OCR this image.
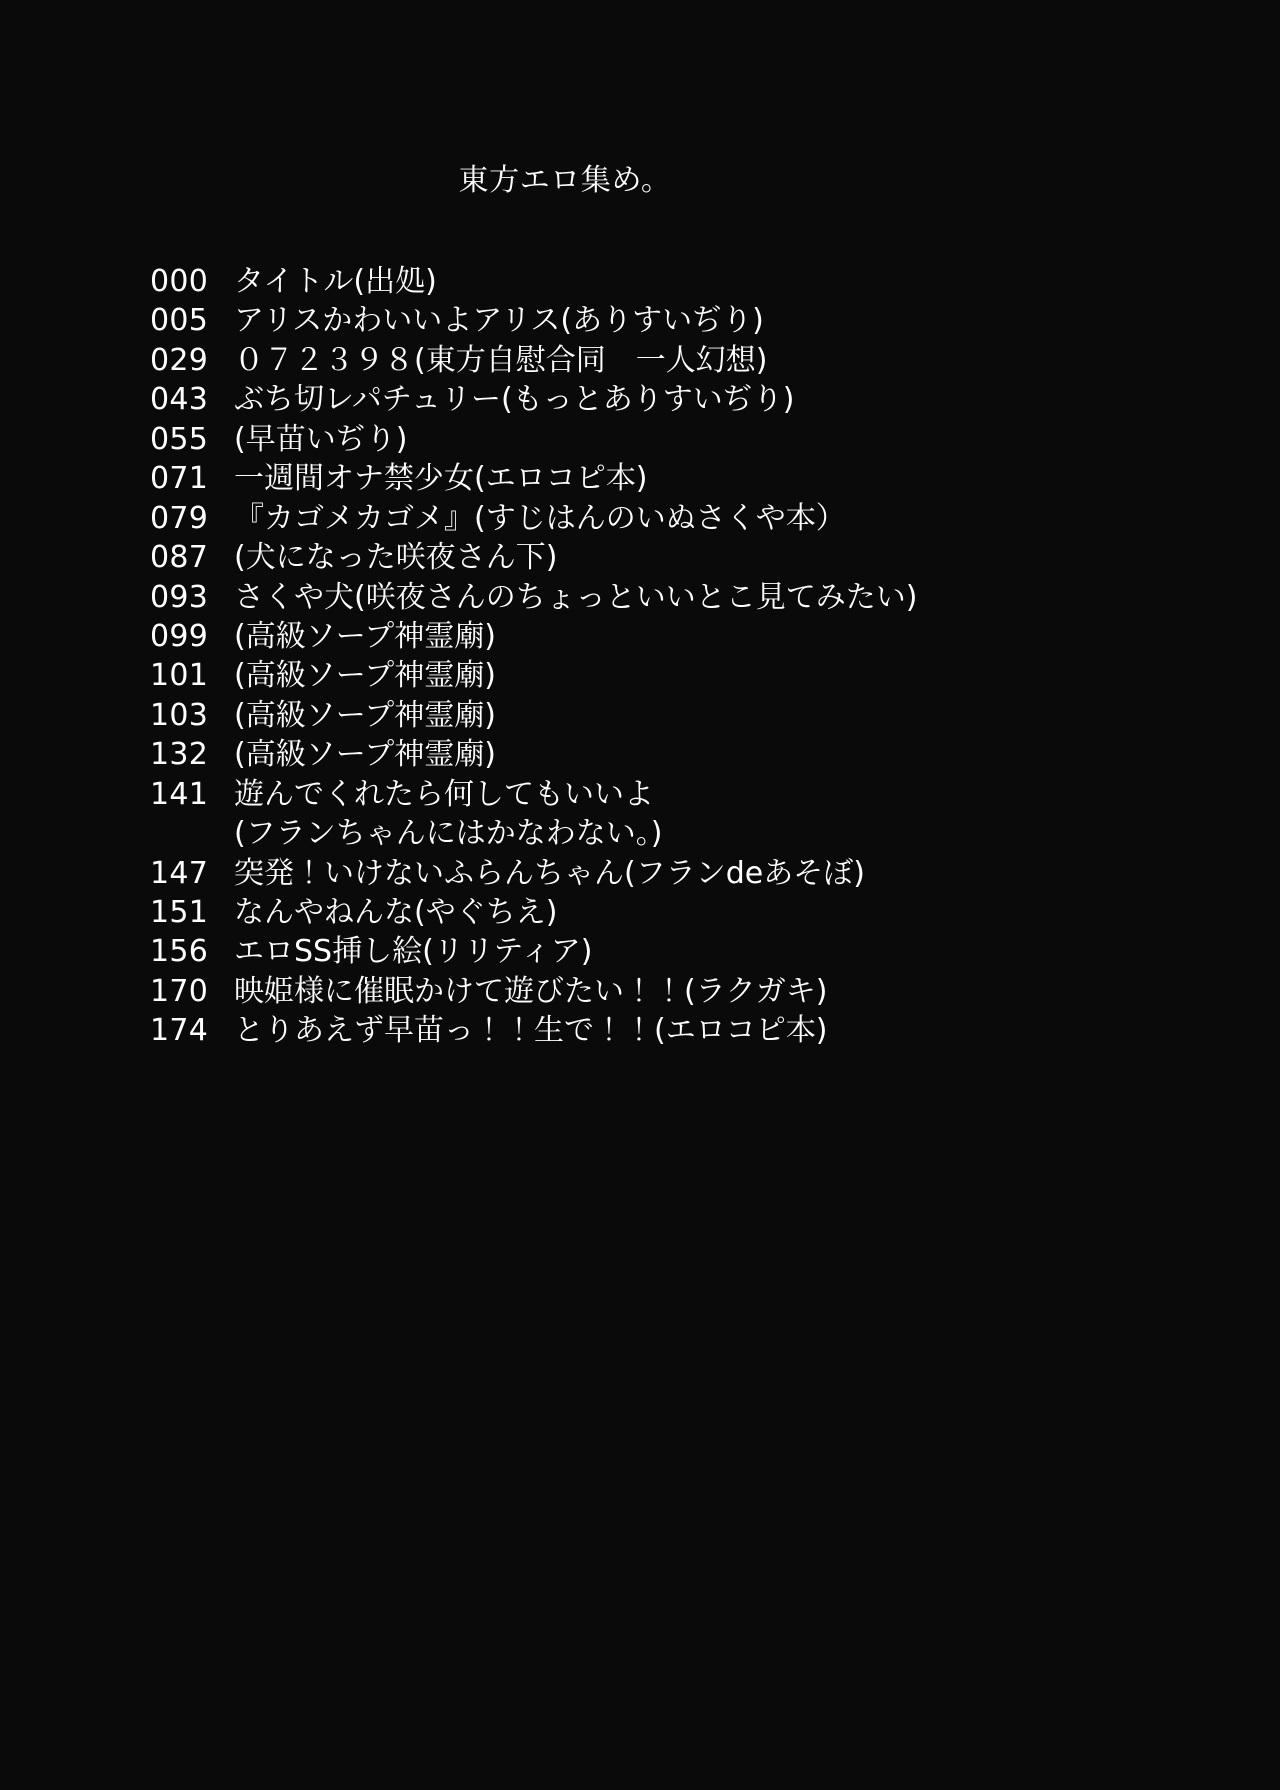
東方エロ集め。
000 タイトル(出処)
005 アリスかわいいよアリス(ありすいぢり)
029 ０７２３９８(東方自慰合同　一人幻想)
043 ぶち切レパチュリー(もっとありすいぢり)
055 (早苗いぢり)
071 一週間オナ禁少女(エロコピ本)
079 『カゴメカゴメ』(すじはんのいぬさくや本）
087 (犬になった咲夜さん下)
093 さくや犬(咲夜さんのちょっといいとこ見てみたい)
099 (高級ソープ神霊廟)
101 (高級ソープ神霊廟)
103 (高級ソープ神霊廟)
132 (高級ソープ神霊廟)
141 遊んでくれたら何してもいいよ
(フランちゃんにはかなわない。)
147 突発！いけないふらんちゃん(フランdeあそぼ)
151 なんやねんな(やぐちえ)
156 エロSS挿し絵(リリティア)
170 映姫様に催眠かけて遊びたい！！(ラクガキ)
174 とりあえず早苗っ！！生で！！(エロコピ本)
